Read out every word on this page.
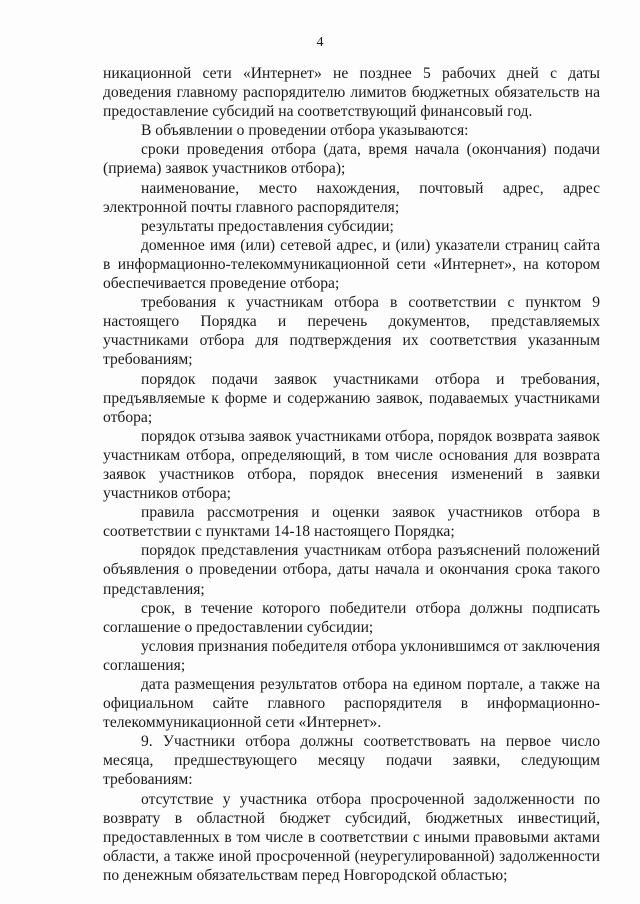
4

никационной сети «Интернет» не позднее 5 рабочих дней с даты доведения главному распорядителю лимитов бюджетных обязательств на предоставление субсидий на соответствующий финансовый год.

В объявлении о проведении отбора указываются:

сроки проведения отбора (дата, время начала (окончания) подачи (приема) заявок участников отбора);

наименование, место нахождения, почтовый адрес, адрес электронной почты главного распорядителя;

результаты предоставления субсидии;

доменное имя (или) сетевой адрес, и (или) указатели страниц сайта в информационно-телекоммуникационной сети «Интернет», на котором обеспечивается проведение отбора;

требования к участникам отбора в соответствии с пунктом 9 настоящего Порядка и перечень документов, представляемых участниками отбора для подтверждения их соответствия указанным требованиям;

порядок подачи заявок участниками отбора и требования, предъявляемые к форме и содержанию заявок, подаваемых участниками отбора;

порядок отзыва заявок участниками отбора, порядок возврата заявок участникам отбора, определяющий, в том числе основания для возврата заявок участников отбора, порядок внесения изменений в заявки участников отбора;

правила рассмотрения и оценки заявок участников отбора в соответствии с пунктами 14-18 настоящего Порядка;

порядок представления участникам отбора разъяснений положений объявления о проведении отбора, даты начала и окончания срока такого представления;

срок, в течение которого победители отбора должны подписать соглашение о предоставлении субсидии;

условия признания победителя отбора уклонившимся от заключения соглашения;

дата размещения результатов отбора на едином портале, а также на официальном сайте главного распорядителя в информационно-телекоммуникационной сети «Интернет».

9. Участники отбора должны соответствовать на первое число месяца, предшествующего месяцу подачи заявки, следующим требованиям:

отсутствие у участника отбора просроченной задолженности по возврату в областной бюджет субсидий, бюджетных инвестиций, предоставленных в том числе в соответствии с иными правовыми актами области, а также иной просроченной (неурегулированной) задолженности по денежным обязательствам перед Новгородской областью;
